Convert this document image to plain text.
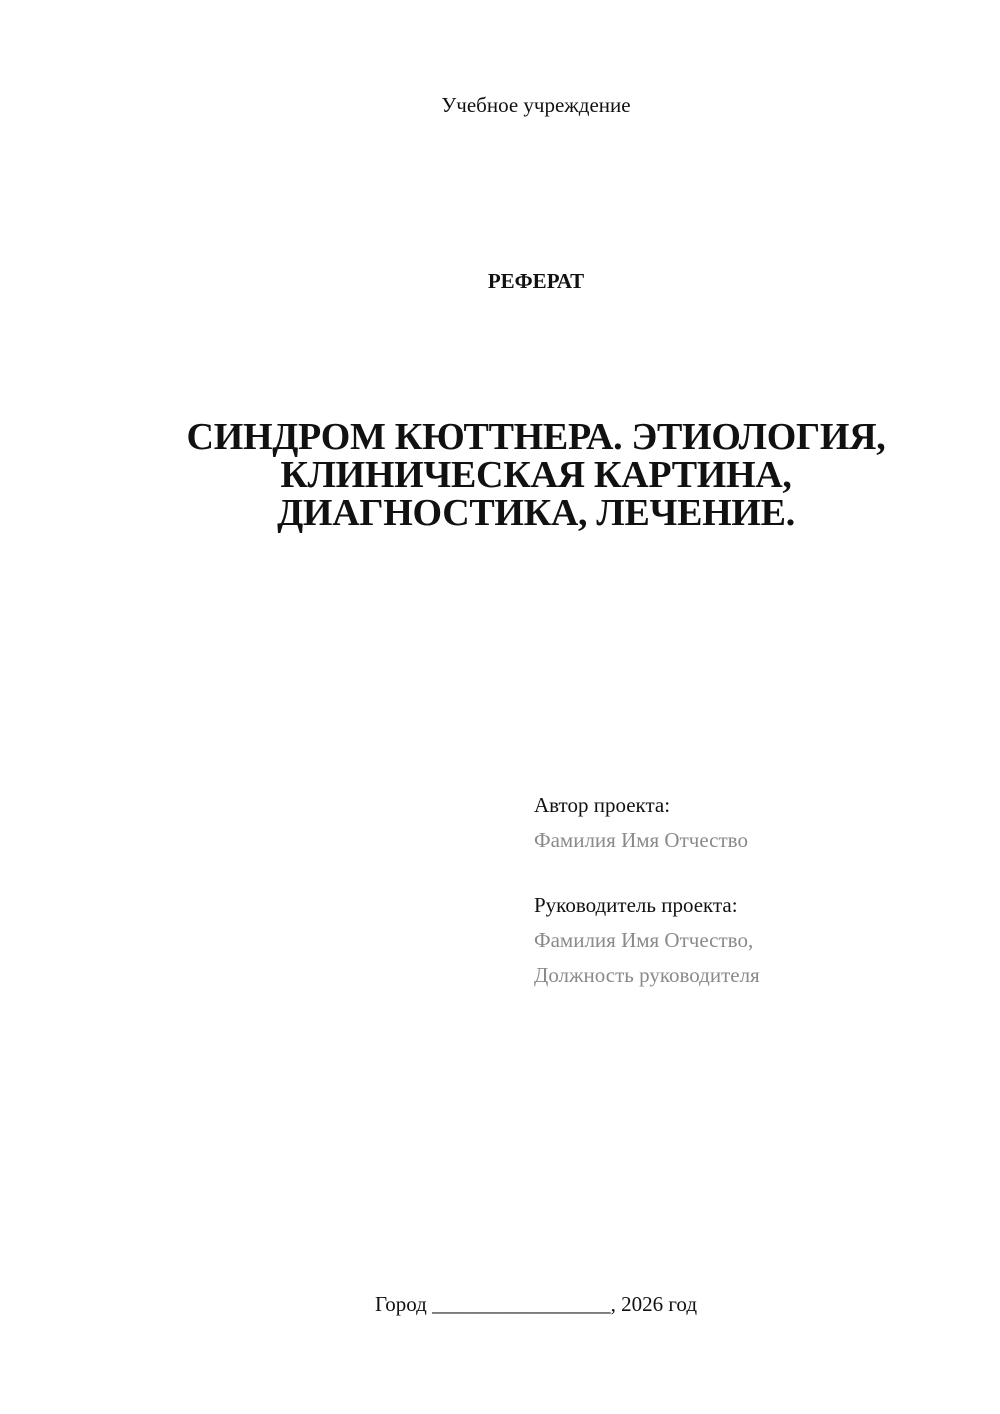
Учебное учреждение
РЕФЕРАТ
СИНДРОМ КЮТТНЕРА. ЭТИОЛОГИЯ,
КЛИНИЧЕСКАЯ КАРТИНА,
ДИАГНОСТИКА, ЛЕЧЕНИЕ.
Автор проекта:
Фамилия Имя Отчество
Руководитель проекта:
Фамилия Имя Отчество,
Должность руководителя
Город _________________, 2026 год
